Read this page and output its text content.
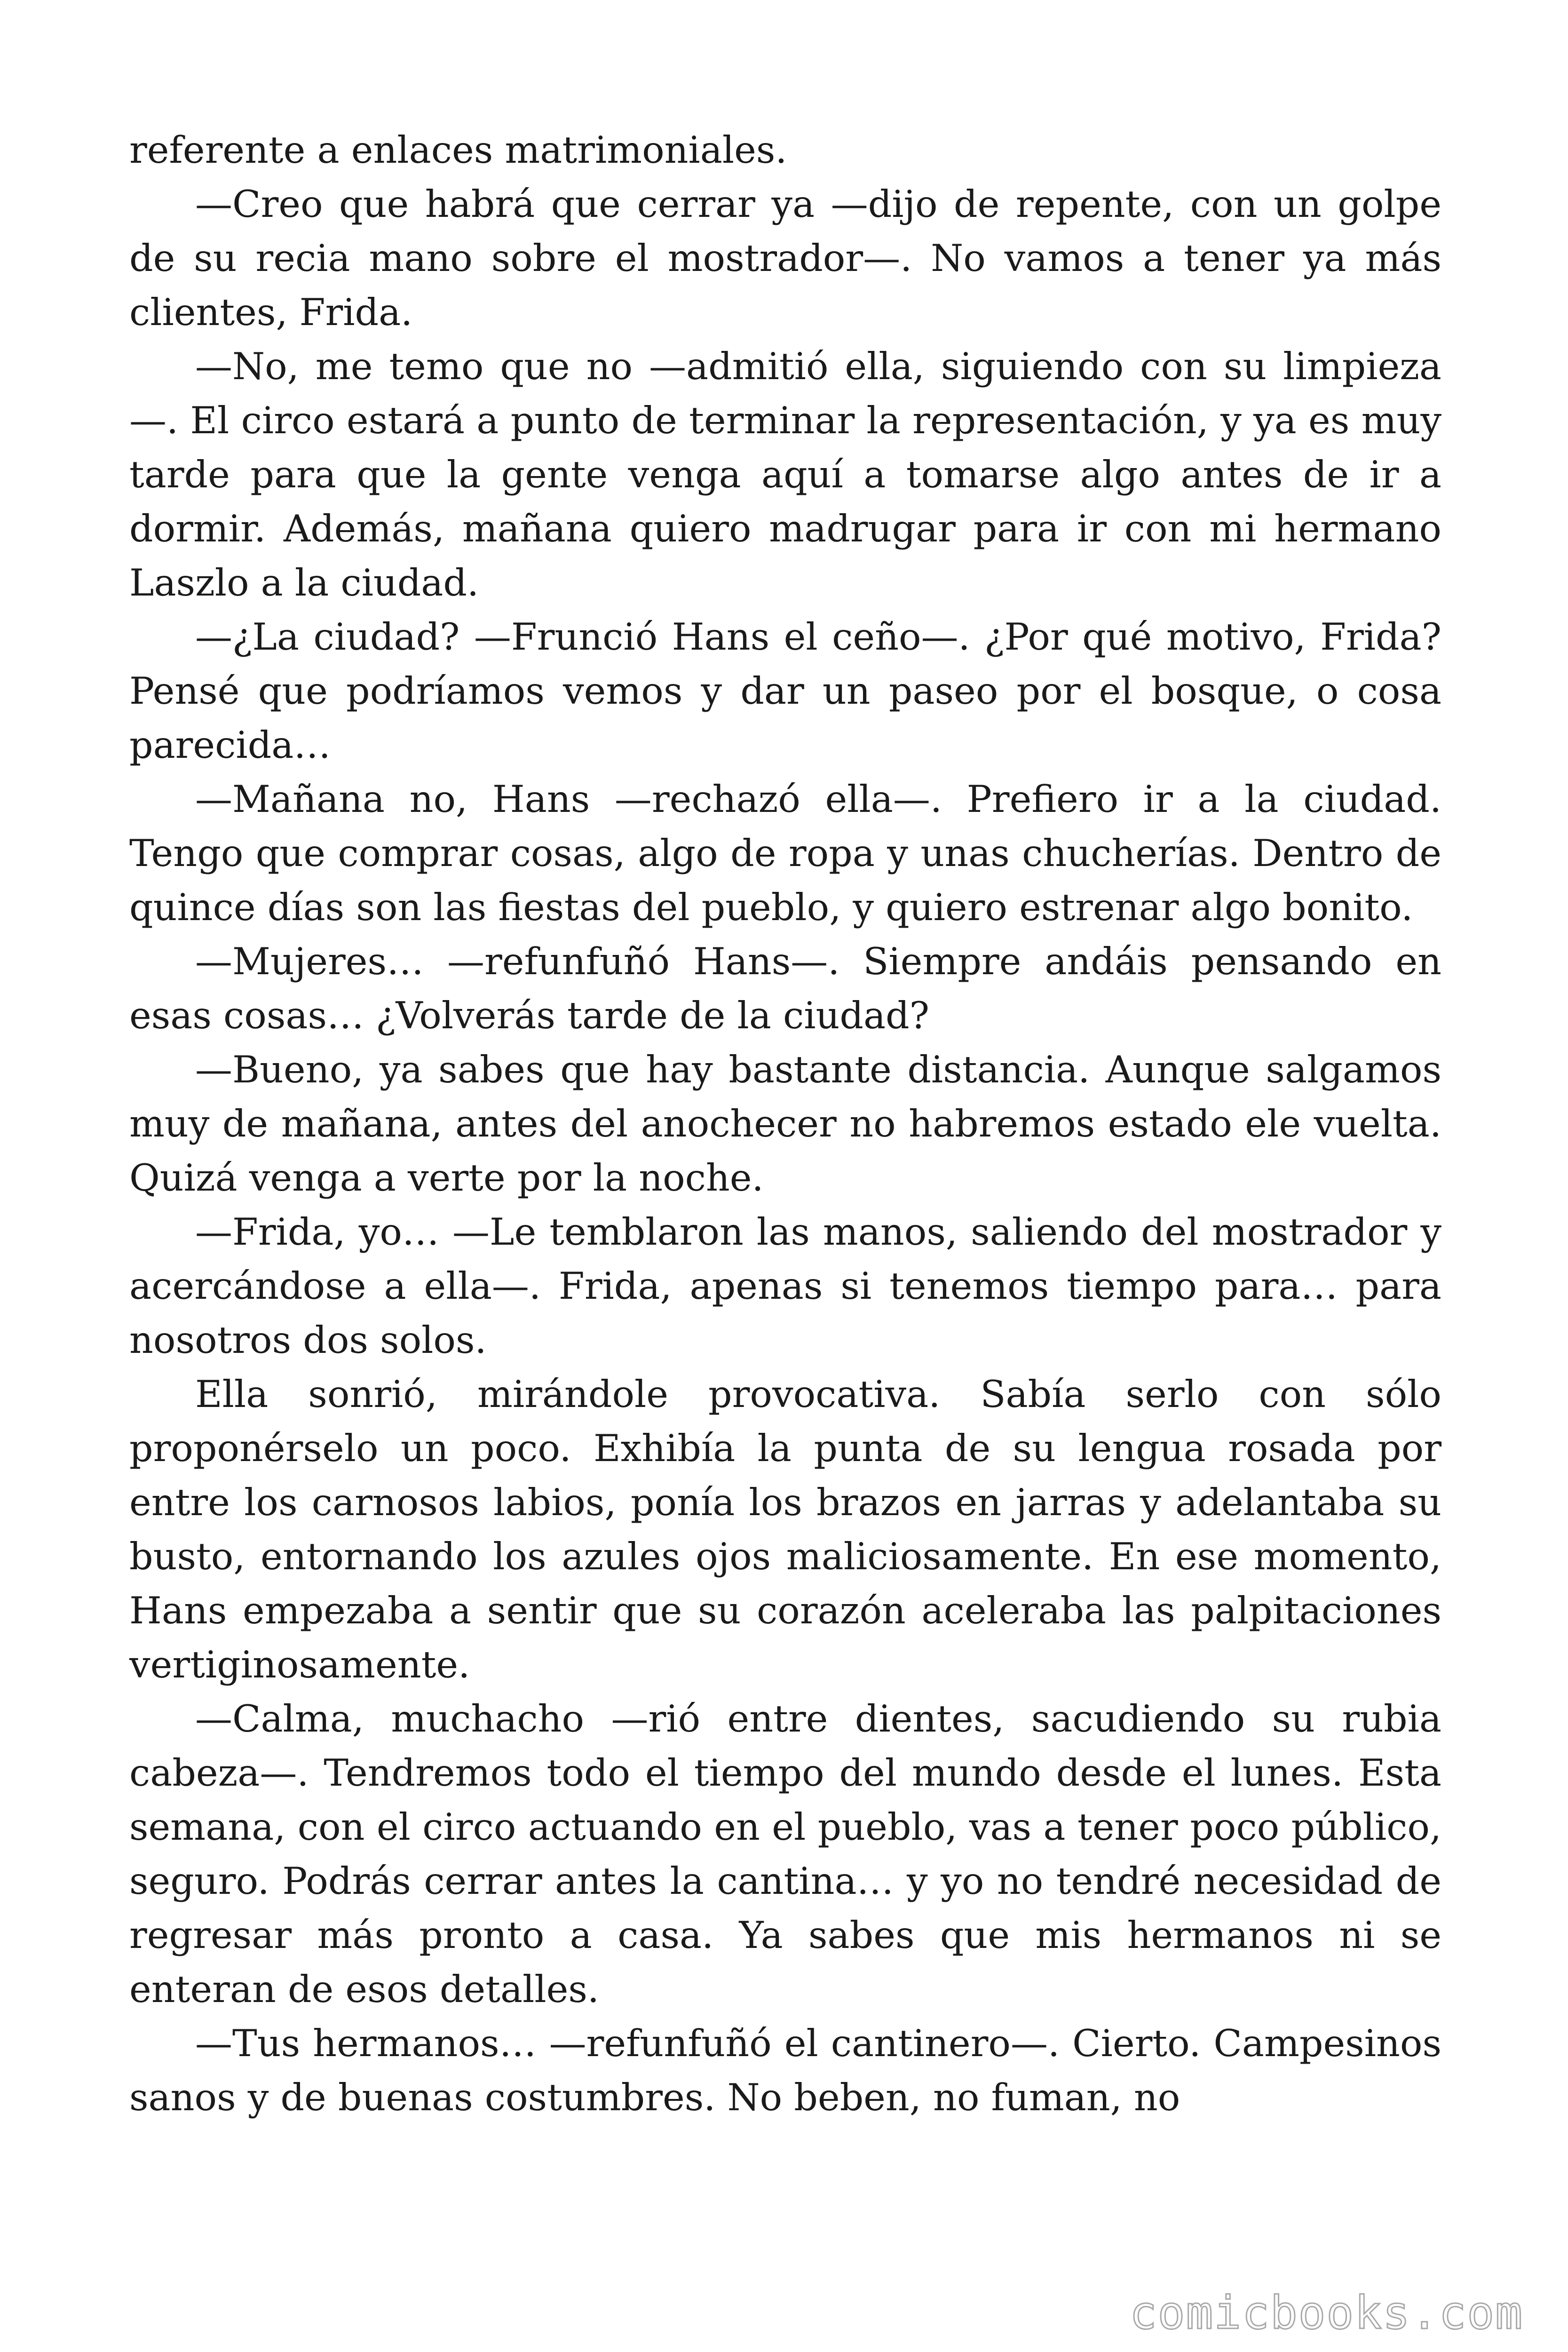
referente a enlaces matrimoniales.

—Creo que habrá que cerrar ya —dijo de repente, con un golpe de su recia mano sobre el mostrador—. No vamos a tener ya más clientes, Frida.

—No, me temo que no —admitió ella, siguiendo con su limpieza —. El circo estará a punto de terminar la representación, y ya es muy tarde para que la gente venga aquí a tomarse algo antes de ir a dormir. Además, mañana quiero madrugar para ir con mi hermano Laszlo a la ciudad.

—¿La ciudad? —Frunció Hans el ceño—. ¿Por qué motivo, Frida? Pensé que podríamos vemos y dar un paseo por el bosque, o cosa parecida…

—Mañana no, Hans —rechazó ella—. Prefiero ir a la ciudad. Tengo que comprar cosas, algo de ropa y unas chucherías. Dentro de quince días son las fiestas del pueblo, y quiero estrenar algo bonito.

—Mujeres… —refunfuñó Hans—. Siempre andáis pensando en esas cosas… ¿Volverás tarde de la ciudad?

—Bueno, ya sabes que hay bastante distancia. Aunque salgamos muy de mañana, antes del anochecer no habremos estado ele vuelta. Quizá venga a verte por la noche.

—Frida, yo… —Le temblaron las manos, saliendo del mostrador y acercándose a ella—. Frida, apenas si tenemos tiempo para… para nosotros dos solos.

Ella sonrió, mirándole provocativa. Sabía serlo con sólo proponérselo un poco. Exhibía la punta de su lengua rosada por entre los carnosos labios, ponía los brazos en jarras y adelantaba su busto, entornando los azules ojos maliciosamente. En ese momento, Hans empezaba a sentir que su corazón aceleraba las palpitaciones vertiginosamente.

—Calma, muchacho —rió entre dientes, sacudiendo su rubia cabeza—. Tendremos todo el tiempo del mundo desde el lunes. Esta semana, con el circo actuando en el pueblo, vas a tener poco público, seguro. Podrás cerrar antes la cantina… y yo no tendré necesidad de regresar más pronto a casa. Ya sabes que mis hermanos ni se enteran de esos detalles.

—Tus hermanos… —refunfuñó el cantinero—. Cierto. Campesinos sanos y de buenas costumbres. No beben, no fuman, no

comicbooks.com
